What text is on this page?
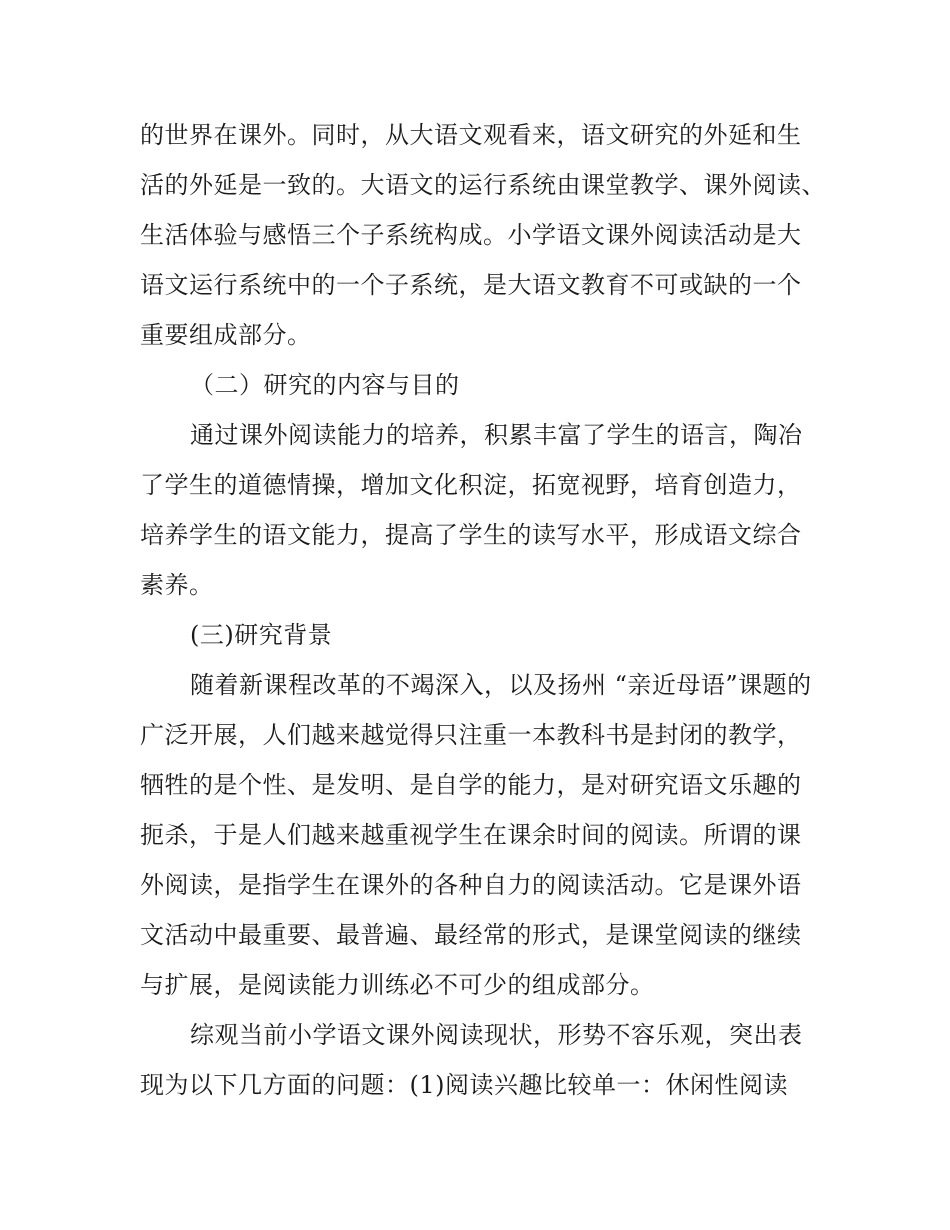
的世界在课外。同时，从大语文观看来，语文研究的外延和生
活的外延是一致的。大语文的运行系统由课堂教学、课外阅读、
生活体验与感悟三个子系统构成。小学语文课外阅读活动是大
语文运行系统中的一个子系统，是大语文教育不可或缺的一个
重要组成部分。
（二）研究的内容与目的
通过课外阅读能力的培养，积累丰富了学生的语言，陶冶
了学生的道德情操，增加文化积淀，拓宽视野，培育创造力，
培养学生的语文能力，提高了学生的读写水平，形成语文综合
素养。
(三)研究背景
随着新课程改革的不竭深入，以及扬州 “亲近母语”课题的
广泛开展，人们越来越觉得只注重一本教科书是封闭的教学，
牺牲的是个性、是发明、是自学的能力，是对研究语文乐趣的
扼杀，于是人们越来越重视学生在课余时间的阅读。所谓的课
外阅读，是指学生在课外的各种自力的阅读活动。它是课外语
文活动中最重要、最普遍、最经常的形式，是课堂阅读的继续
与扩展，是阅读能力训练必不可少的组成部分。
综观当前小学语文课外阅读现状，形势不容乐观，突出表
现为以下几方面的问题：(1)阅读兴趣比较单一：休闲性阅读
